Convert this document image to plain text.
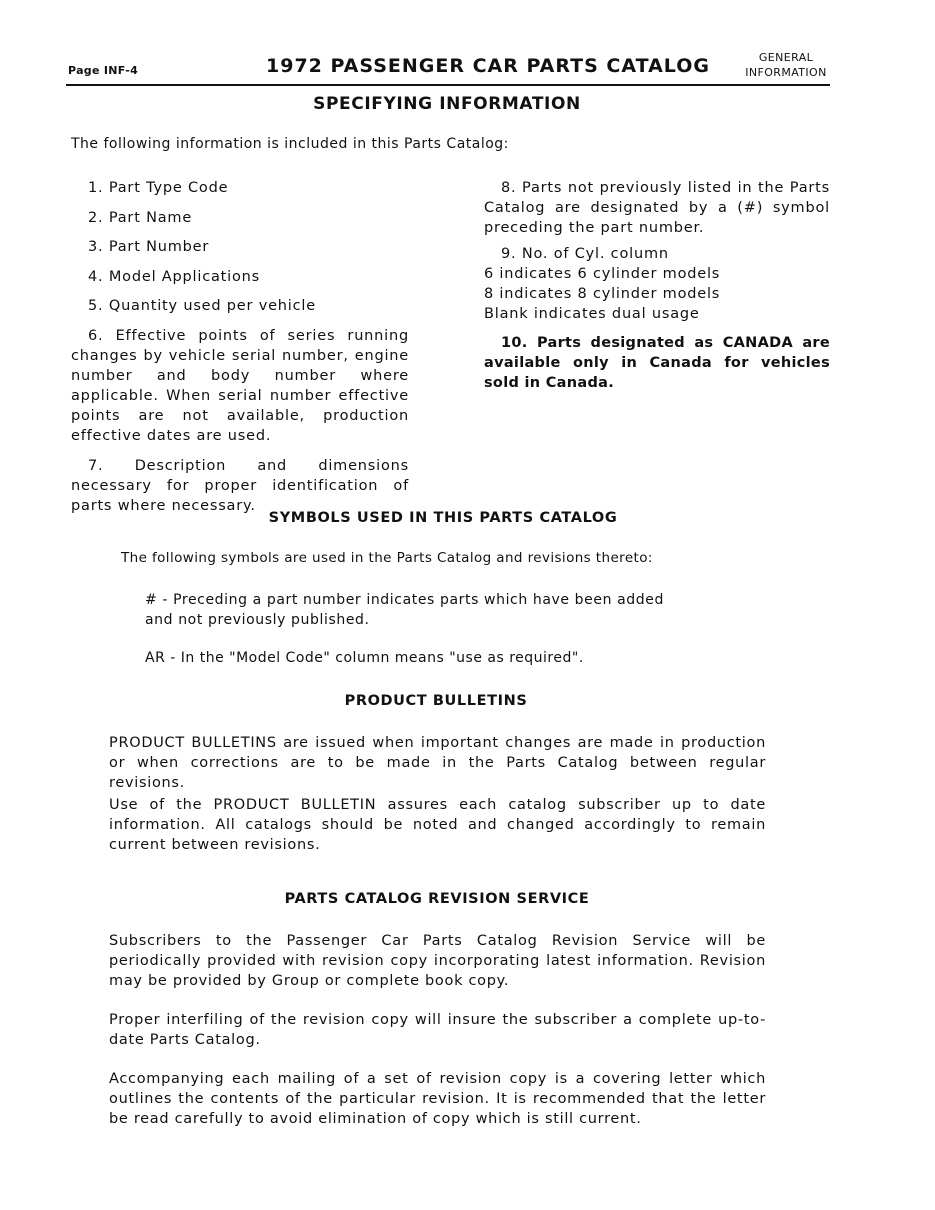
Page INF-4	1972 PASSENGER CAR PARTS CATALOG	GENERAL
INFORMATION
SPECIFYING INFORMATION
The following information is included in this Parts Catalog:
1. Part Type Code
2. Part Name
3. Part Number
4. Model Applications
5. Quantity used per vehicle
6. Effective points of series running changes by vehicle serial number, engine number and body number where applicable. When serial number effective points are not available, production effective dates are used.
7. Description and dimensions necessary for proper identification of parts where necessary.
8. Parts not previously listed in the Parts Catalog are designated by a (#) symbol preceding the part number.
9. No. of Cyl. column
6 indicates 6 cylinder models
8 indicates 8 cylinder models
Blank indicates dual usage
10. Parts designated as CANADA are available only in Canada for vehicles sold in Canada.
SYMBOLS USED IN THIS PARTS CATALOG
The following symbols are used in the Parts Catalog and revisions thereto:
# - Preceding a part number indicates parts which have been added and not previously published.
AR - In the "Model Code" column means "use as required".
PRODUCT BULLETINS
PRODUCT BULLETINS are issued when important changes are made in production or when corrections are to be made in the Parts Catalog between regular revisions.
Use of the PRODUCT BULLETIN assures each catalog subscriber up to date information. All catalogs should be noted and changed accordingly to remain current between revisions.
PARTS CATALOG REVISION SERVICE
Subscribers to the Passenger Car Parts Catalog Revision Service will be periodically provided with revision copy incorporating latest information. Revision may be provided by Group or complete book copy.
Proper interfiling of the revision copy will insure the subscriber a complete up-to-date Parts Catalog.
Accompanying each mailing of a set of revision copy is a covering letter which outlines the contents of the particular revision. It is recommended that the letter be read carefully to avoid elimination of copy which is still current.
